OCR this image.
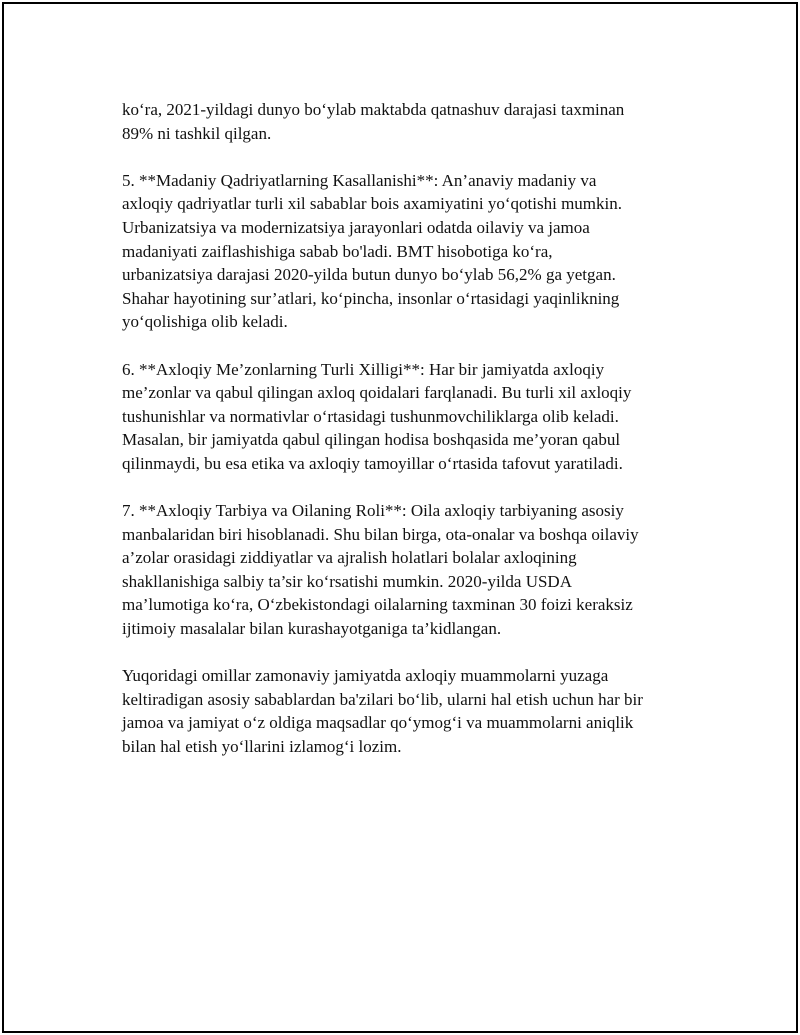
ko‘ra, 2021-yildagi dunyo bo‘ylab maktabda qatnashuv darajasi taxminan
89% ni tashkil qilgan.

5. **Madaniy Qadriyatlarning Kasallanishi**: An’anaviy madaniy va
axloqiy qadriyatlar turli xil sabablar bois axamiyatini yo‘qotishi mumkin.
Urbanizatsiya va modernizatsiya jarayonlari odatda oilaviy va jamoa
madaniyati zaiflashishiga sabab bo'ladi. BMT hisobotiga ko‘ra,
urbanizatsiya darajasi 2020-yilda butun dunyo bo‘ylab 56,2% ga yetgan.
Shahar hayotining sur’atlari, ko‘pincha, insonlar o‘rtasidagi yaqinlikning
yo‘qolishiga olib keladi.

6. **Axloqiy Me’zonlarning Turli Xilligi**: Har bir jamiyatda axloqiy
me’zonlar va qabul qilingan axloq qoidalari farqlanadi. Bu turli xil axloqiy
tushunishlar va normativlar o‘rtasidagi tushunmovchiliklarga olib keladi.
Masalan, bir jamiyatda qabul qilingan hodisa boshqasida me’yoran qabul
qilinmaydi, bu esa etika va axloqiy tamoyillar o‘rtasida tafovut yaratiladi.

7. **Axloqiy Tarbiya va Oilaning Roli**: Oila axloqiy tarbiyaning asosiy
manbalaridan biri hisoblanadi. Shu bilan birga, ota-onalar va boshqa oilaviy
a’zolar orasidagi ziddiyatlar va ajralish holatlari bolalar axloqining
shakllanishiga salbiy ta’sir ko‘rsatishi mumkin. 2020-yilda USDA
ma’lumotiga ko‘ra, O‘zbekistondagi oilalarning taxminan 30 foizi keraksiz
ijtimoiy masalalar bilan kurashayotganiga ta’kidlangan.

Yuqoridagi omillar zamonaviy jamiyatda axloqiy muammolarni yuzaga
keltiradigan asosiy sabablardan ba'zilari bo‘lib, ularni hal etish uchun har bir
jamoa va jamiyat o‘z oldiga maqsadlar qo‘ymog‘i va muammolarni aniqlik
bilan hal etish yo‘llarini izlamog‘i lozim.
